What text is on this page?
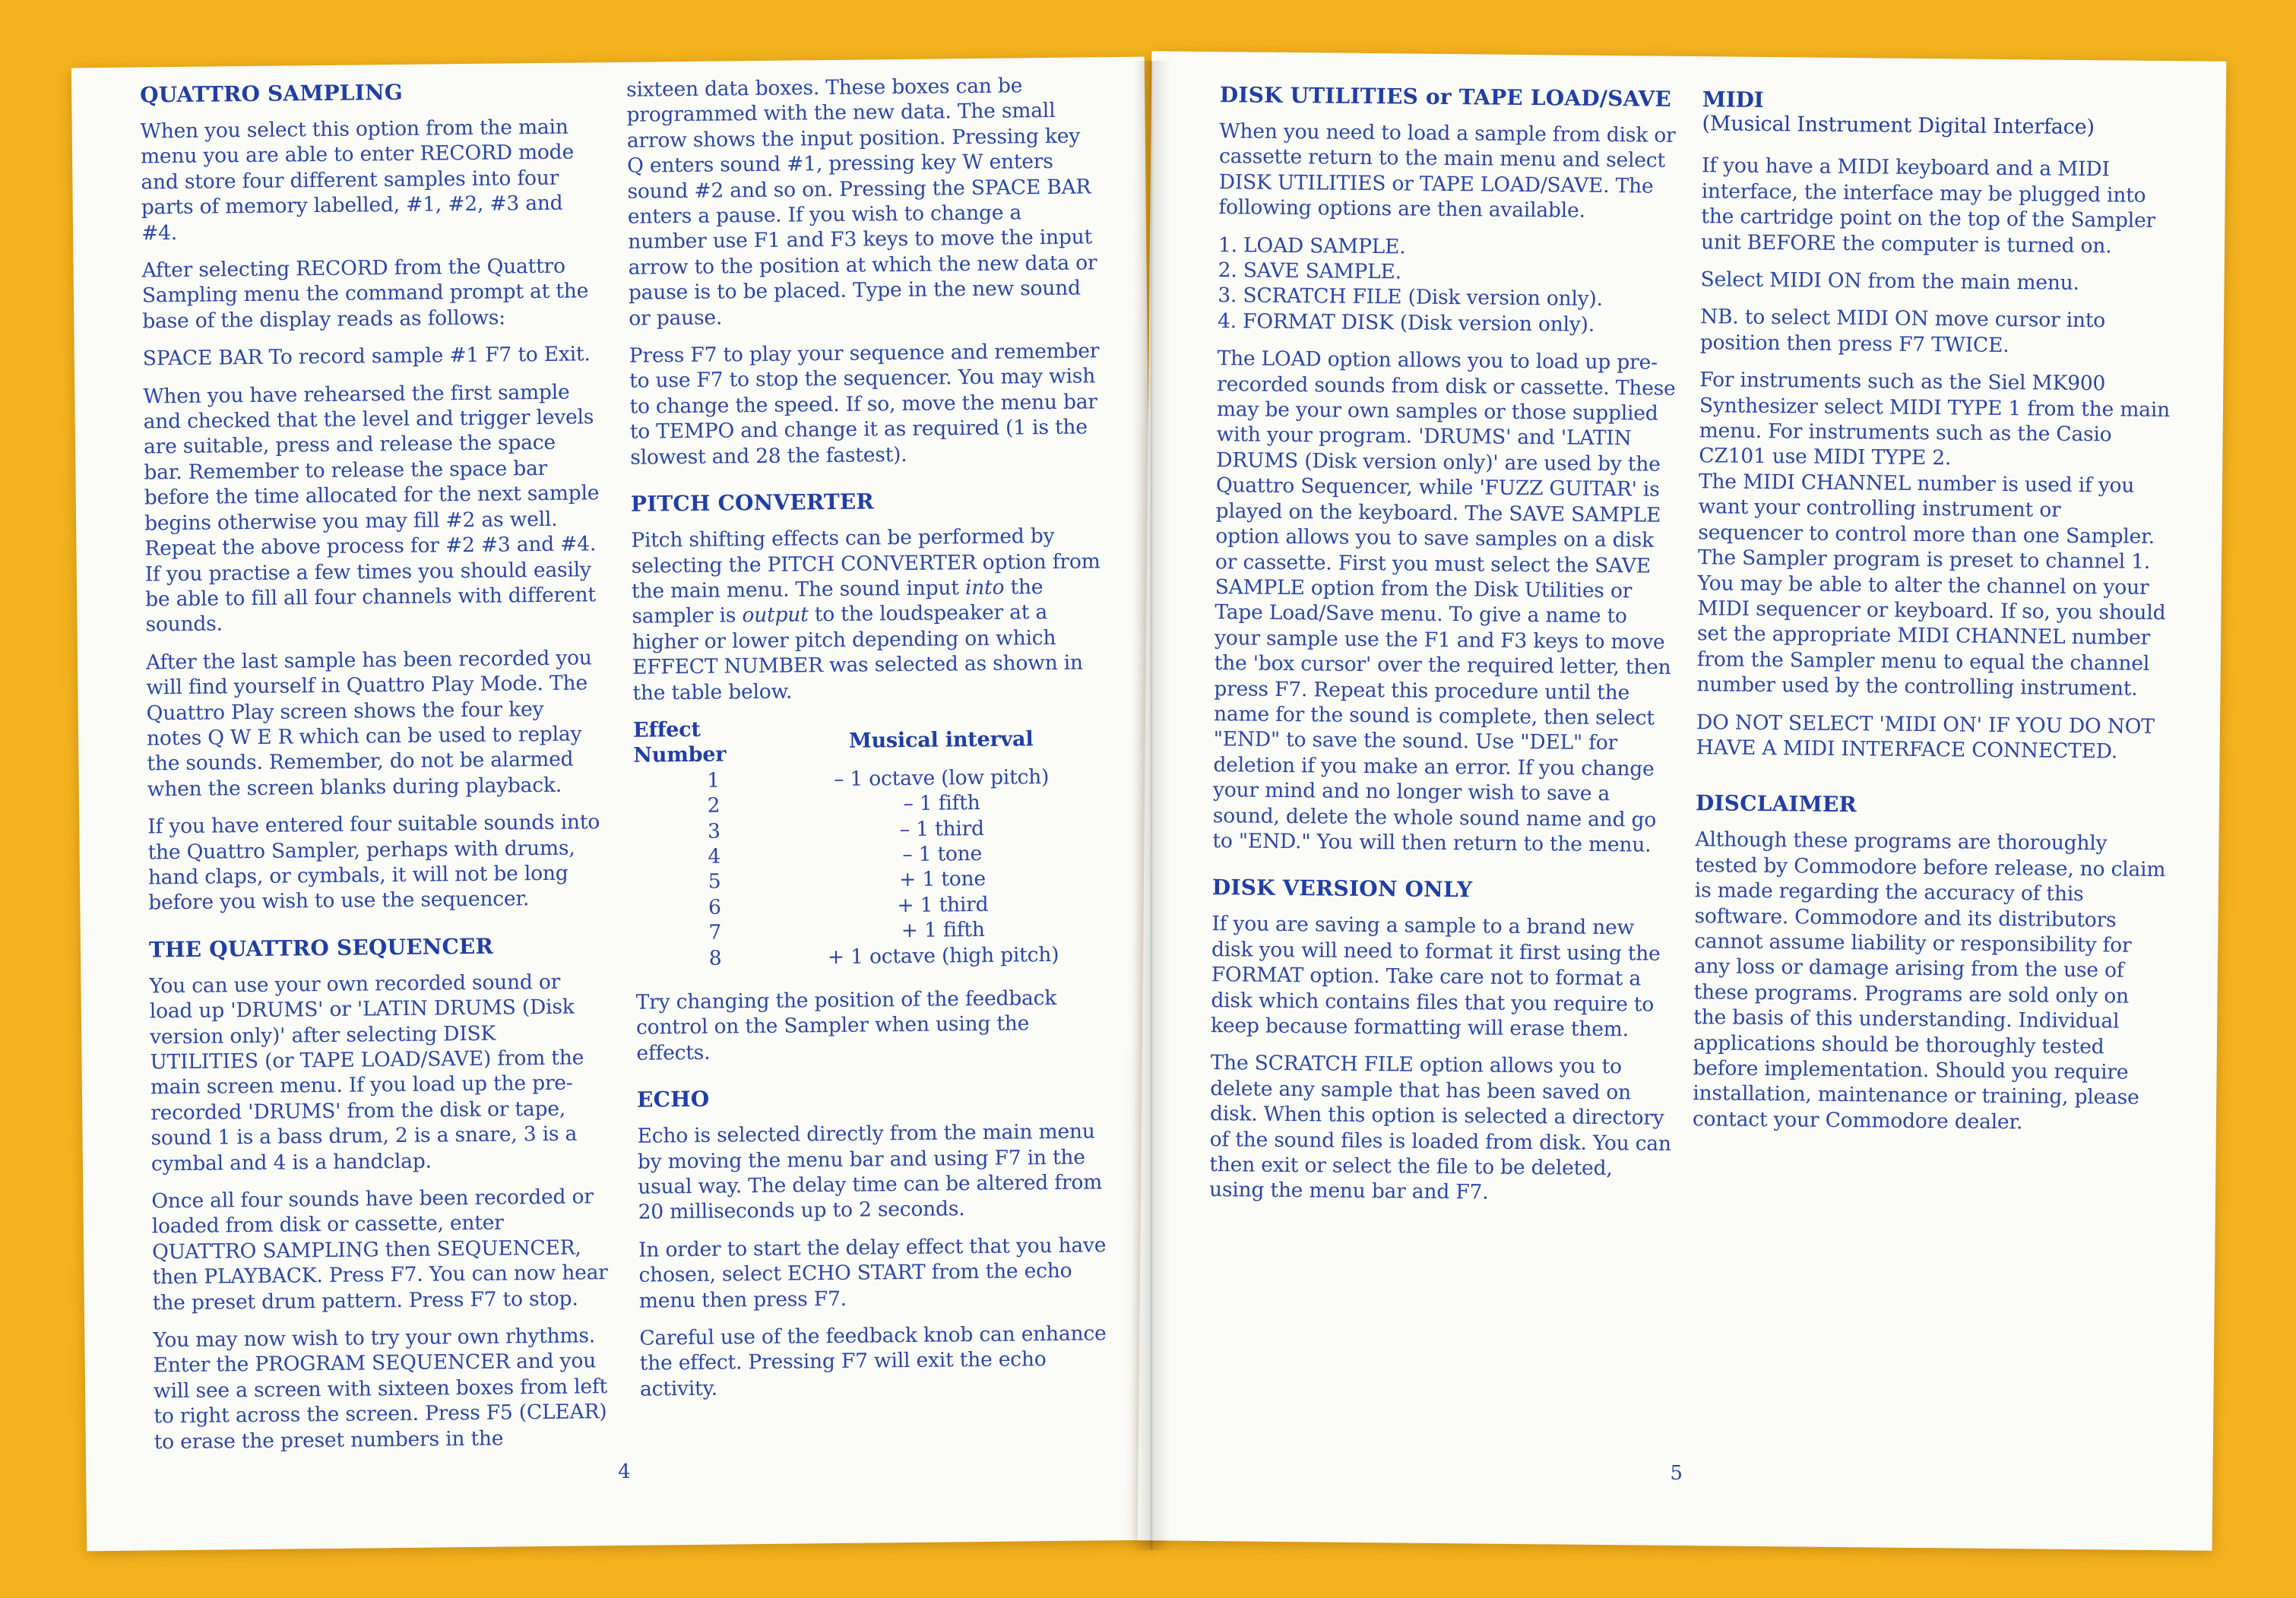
QUATTRO SAMPLING

When you select this option from the main menu you are able to enter RECORD mode and store four different samples into four parts of memory labelled, #1, #2, #3 and #4.

After selecting RECORD from the Quattro Sampling menu the command prompt at the base of the display reads as follows:

SPACE BAR To record sample #1 F7 to Exit.

When you have rehearsed the first sample and checked that the level and trigger levels are suitable, press and release the space bar. Remember to release the space bar before the time allocated for the next sample begins otherwise you may fill #2 as well. Repeat the above process for #2 #3 and #4. If you practise a few times you should easily be able to fill all four channels with different sounds.

After the last sample has been recorded you will find yourself in Quattro Play Mode. The Quattro Play screen shows the four key notes Q W E R which can be used to replay the sounds. Remember, do not be alarmed when the screen blanks during playback.

If you have entered four suitable sounds into the Quattro Sampler, perhaps with drums, hand claps, or cymbals, it will not be long before you wish to use the sequencer.

THE QUATTRO SEQUENCER

You can use your own recorded sound or load up 'DRUMS' or 'LATIN DRUMS (Disk version only)' after selecting DISK UTILITIES (or TAPE LOAD/SAVE) from the main screen menu. If you load up the pre-recorded 'DRUMS' from the disk or tape, sound 1 is a bass drum, 2 is a snare, 3 is a cymbal and 4 is a handclap.

Once all four sounds have been recorded or loaded from disk or cassette, enter QUATTRO SAMPLING then SEQUENCER, then PLAYBACK. Press F7. You can now hear the preset drum pattern. Press F7 to stop.

You may now wish to try your own rhythms. Enter the PROGRAM SEQUENCER and you will see a screen with sixteen boxes from left to right across the screen. Press F5 (CLEAR) to erase the preset numbers in the

sixteen data boxes. These boxes can be programmed with the new data. The small arrow shows the input position. Pressing key Q enters sound #1, pressing key W enters sound #2 and so on. Pressing the SPACE BAR enters a pause. If you wish to change a number use F1 and F3 keys to move the input arrow to the position at which the new data or pause is to be placed. Type in the new sound or pause.

Press F7 to play your sequence and remember to use F7 to stop the sequencer. You may wish to change the speed. If so, move the menu bar to TEMPO and change it as required (1 is the slowest and 28 the fastest).

PITCH CONVERTER

Pitch shifting effects can be performed by selecting the PITCH CONVERTER option from the main menu. The sound input into the sampler is output to the loudspeaker at a higher or lower pitch depending on which EFFECT NUMBER was selected as shown in the table below.

Effect Number	Musical interval
1	– 1 octave (low pitch)
2	– 1 fifth
3	– 1 third
4	– 1 tone
5	+ 1 tone
6	+ 1 third
7	+ 1 fifth
8	+ 1 octave (high pitch)

Try changing the position of the feedback control on the Sampler when using the effects.

ECHO

Echo is selected directly from the main menu by moving the menu bar and using F7 in the usual way. The delay time can be altered from 20 milliseconds up to 2 seconds.

In order to start the delay effect that you have chosen, select ECHO START from the echo menu then press F7.

Careful use of the feedback knob can enhance the effect. Pressing F7 will exit the echo activity.

4
DISK UTILITIES or TAPE LOAD/SAVE

When you need to load a sample from disk or cassette return to the main menu and select DISK UTILITIES or TAPE LOAD/SAVE. The following options are then available.

1. LOAD SAMPLE.
2. SAVE SAMPLE.
3. SCRATCH FILE (Disk version only).
4. FORMAT DISK (Disk version only).

The LOAD option allows you to load up pre-recorded sounds from disk or cassette. These may be your own samples or those supplied with your program. 'DRUMS' and 'LATIN DRUMS (Disk version only)' are used by the Quattro Sequencer, while 'FUZZ GUITAR' is played on the keyboard. The SAVE SAMPLE option allows you to save samples on a disk or cassette. First you must select the SAVE SAMPLE option from the Disk Utilities or Tape Load/Save menu. To give a name to your sample use the F1 and F3 keys to move the 'box cursor' over the required letter, then press F7. Repeat this procedure until the name for the sound is complete, then select "END" to save the sound. Use "DEL" for deletion if you make an error. If you change your mind and no longer wish to save a sound, delete the whole sound name and go to "END." You will then return to the menu.

DISK VERSION ONLY

If you are saving a sample to a brand new disk you will need to format it first using the FORMAT option. Take care not to format a disk which contains files that you require to keep because formatting will erase them.

The SCRATCH FILE option allows you to delete any sample that has been saved on disk. When this option is selected a directory of the sound files is loaded from disk. You can then exit or select the file to be deleted, using the menu bar and F7.

MIDI
(Musical Instrument Digital Interface)

If you have a MIDI keyboard and a MIDI interface, the interface may be plugged into the cartridge point on the top of the Sampler unit BEFORE the computer is turned on.

Select MIDI ON from the main menu.

NB. to select MIDI ON move cursor into position then press F7 TWICE.

For instruments such as the Siel MK900 Synthesizer select MIDI TYPE 1 from the main menu. For instruments such as the Casio CZ101 use MIDI TYPE 2.

The MIDI CHANNEL number is used if you want your controlling instrument or sequencer to control more than one Sampler. The Sampler program is preset to channel 1. You may be able to alter the channel on your MIDI sequencer or keyboard. If so, you should set the appropriate MIDI CHANNEL number from the Sampler menu to equal the channel number used by the controlling instrument.

DO NOT SELECT 'MIDI ON' IF YOU DO NOT HAVE A MIDI INTERFACE CONNECTED.

DISCLAIMER

Although these programs are thoroughly tested by Commodore before release, no claim is made regarding the accuracy of this software. Commodore and its distributors cannot assume liability or responsibility for any loss or damage arising from the use of these programs. Programs are sold only on the basis of this understanding. Individual applications should be thoroughly tested before implementation. Should you require installation, maintenance or training, please contact your Commodore dealer.

5
